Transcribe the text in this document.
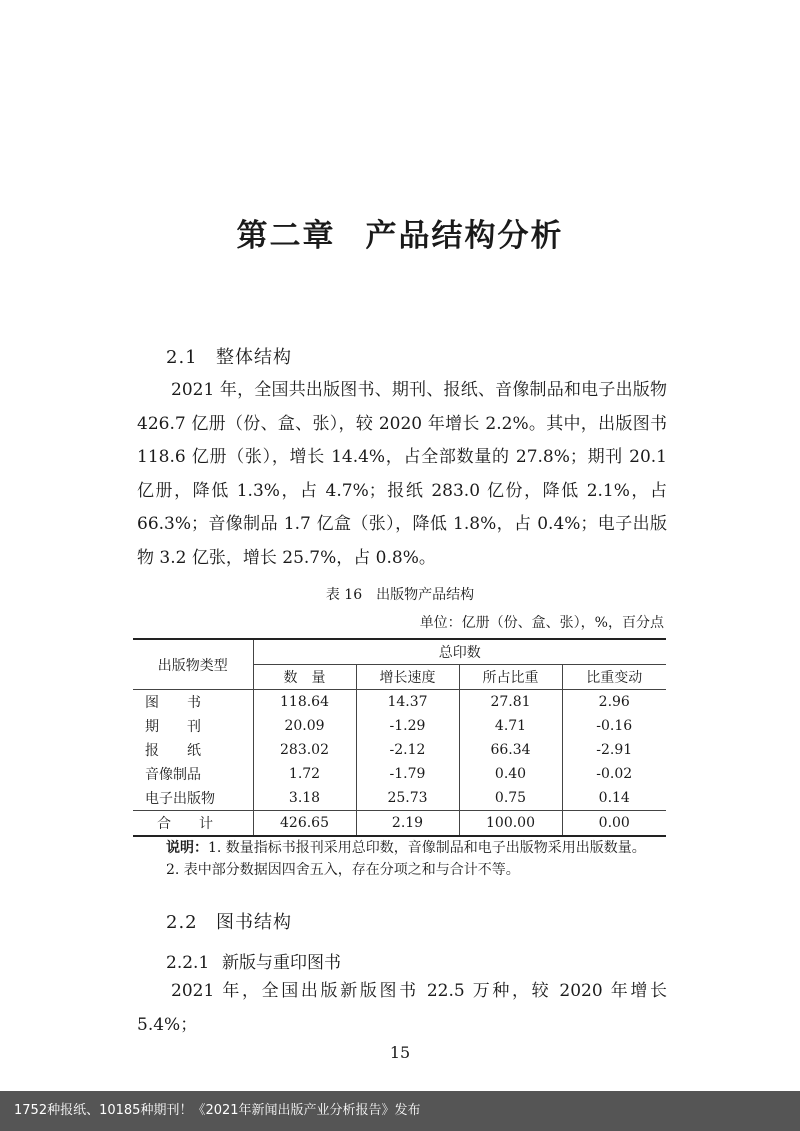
第二章 产品结构分析
2.1 整体结构

2021 年，全国共出版图书、期刊、报纸、音像制品和电子出版物 426.7 亿册（份、盒、张），较 2020 年增长 2.2%。其中，出版图书 118.6 亿册（张），增长 14.4%，占全部数量的 27.8%；期刊 20.1 亿册，降低 1.3%，占 4.7%；报纸 283.0 亿份，降低 2.1%，占 66.3%；音像制品 1.7 亿盒（张），降低 1.8%，占 0.4%；电子出版物 3.2 亿张，增长 25.7%，占 0.8%。

表 16　出版物产品结构

单位：亿册（份、盒、张），%，百分点

出版物类型	总印数			
	数　量	增长速度	所占比重	比重变动
图　　书	118.64	14.37	27.81	2.96
期　　刊	20.09	-1.29	4.71	-0.16
报　　纸	283.02	-2.12	66.34	-2.91
音像制品	1.72	-1.79	0.40	-0.02
电子出版物	3.18	25.73	0.75	0.14
合　　计	426.65	2.19	100.00	0.00
说明：1. 数量指标书报刊采用总印数，音像制品和电子出版物采用出版数量。
2. 表中部分数据因四舍五入，存在分项之和与合计不等。
2.2 图书结构
2.2.1 新版与重印图书

2021 年，全国出版新版图书 22.5 万种，较 2020 年增长 5.4%；

15

1752种报纸、10185种期刊！《2021年新闻出版产业分析报告》发布
